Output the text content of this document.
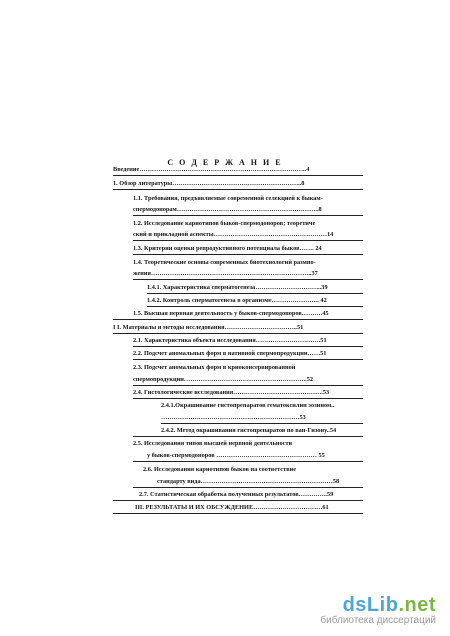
С О Д Е Р Ж А Н И Е
Введение……………………………………………………………………..4
1. Обзор литературы……………………………………………………..8
1.1. Требования, предъявляемые современной селекцией к быкам-
спермодонорам…………………………………………………………..8
1.2. Исследование кариотипов быков-спермодоноров; теоретиче
ский и прикладной аспекты………………………………………………14
1.3. Критерии оценки репродуктивного потенциала быков……. 24
1.4. Теоретические основы современных биотехнологий размно-
жения…………………………………………………………………..37
1.4.1. Характеристика сперматогенеза…………………………..39
1.4.2. Контроль сперматогенеза в организме………………….. 42
1.5. Высшая нервная деятельность у быков-спермодоноров……….45
I I. Материалы и методы исследования……………………………..51
2.1. Характеристика объекта исследования………………………….51
2.2. Подсчет аномальных форм в нативной спермопродукции……51
2.3. Подсчет аномальных форм в криоконсервированной
спермопродукции…………………………………………………..52
2.4. Гистологические исследования…………………………………….53
2.4.1.Окрашивание гистопрепаратов гематоксилин эозином..
…………………………………………………………53
2.4.2. Метод окрашивания гистопрепаратов по ван-Гизону..54
2.5. Исследования типов высшей нервной деятельности
у быков-спермодоноров ………………………………………… 55
2.6. Исследования кариотипов быков на соответствие
стандарту вида………………………………………………………58
2.7. Статистическая обработка полученных результатов…………..59
III. РЕЗУЛЬТАТЫ И ИХ ОБСУЖДЕНИЕ……………………………61
dsLib.net
библиотека диссертаций
